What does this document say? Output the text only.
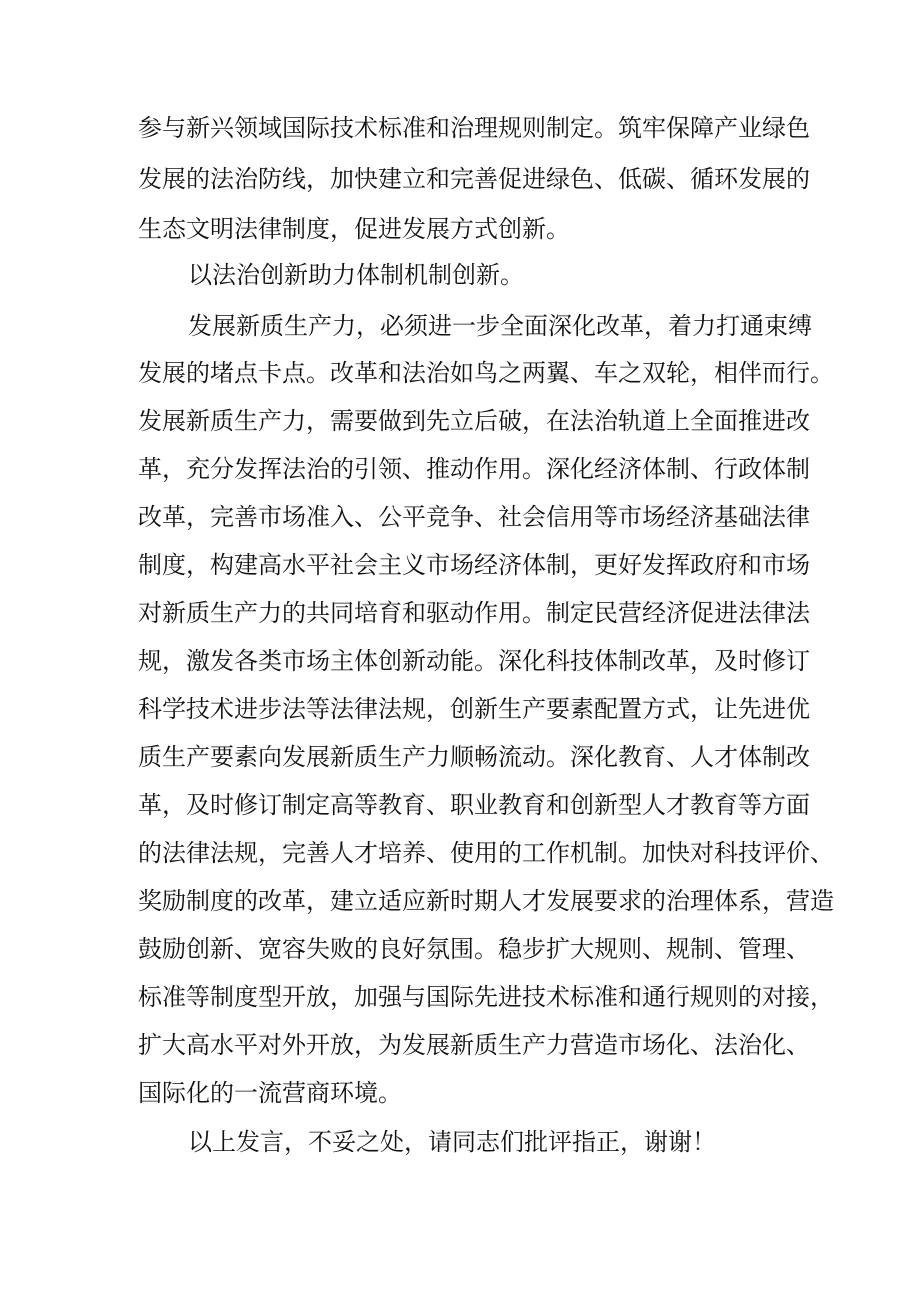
参与新兴领域国际技术标准和治理规则制定。筑牢保障产业绿色
发展的法治防线，加快建立和完善促进绿色、低碳、循环发展的
生态文明法律制度，促进发展方式创新。
以法治创新助力体制机制创新。
发展新质生产力，必须进一步全面深化改革，着力打通束缚
发展的堵点卡点。改革和法治如鸟之两翼、车之双轮，相伴而行。
发展新质生产力，需要做到先立后破，在法治轨道上全面推进改
革，充分发挥法治的引领、推动作用。深化经济体制、行政体制
改革，完善市场准入、公平竞争、社会信用等市场经济基础法律
制度，构建高水平社会主义市场经济体制，更好发挥政府和市场
对新质生产力的共同培育和驱动作用。制定民营经济促进法律法
规，激发各类市场主体创新动能。深化科技体制改革，及时修订
科学技术进步法等法律法规，创新生产要素配置方式，让先进优
质生产要素向发展新质生产力顺畅流动。深化教育、人才体制改
革，及时修订制定高等教育、职业教育和创新型人才教育等方面
的法律法规，完善人才培养、使用的工作机制。加快对科技评价、
奖励制度的改革，建立适应新时期人才发展要求的治理体系，营造
鼓励创新、宽容失败的良好氛围。稳步扩大规则、规制、管理、
标准等制度型开放，加强与国际先进技术标准和通行规则的对接，
扩大高水平对外开放，为发展新质生产力营造市场化、法治化、
国际化的一流营商环境。
以上发言，不妥之处，请同志们批评指正，谢谢！
